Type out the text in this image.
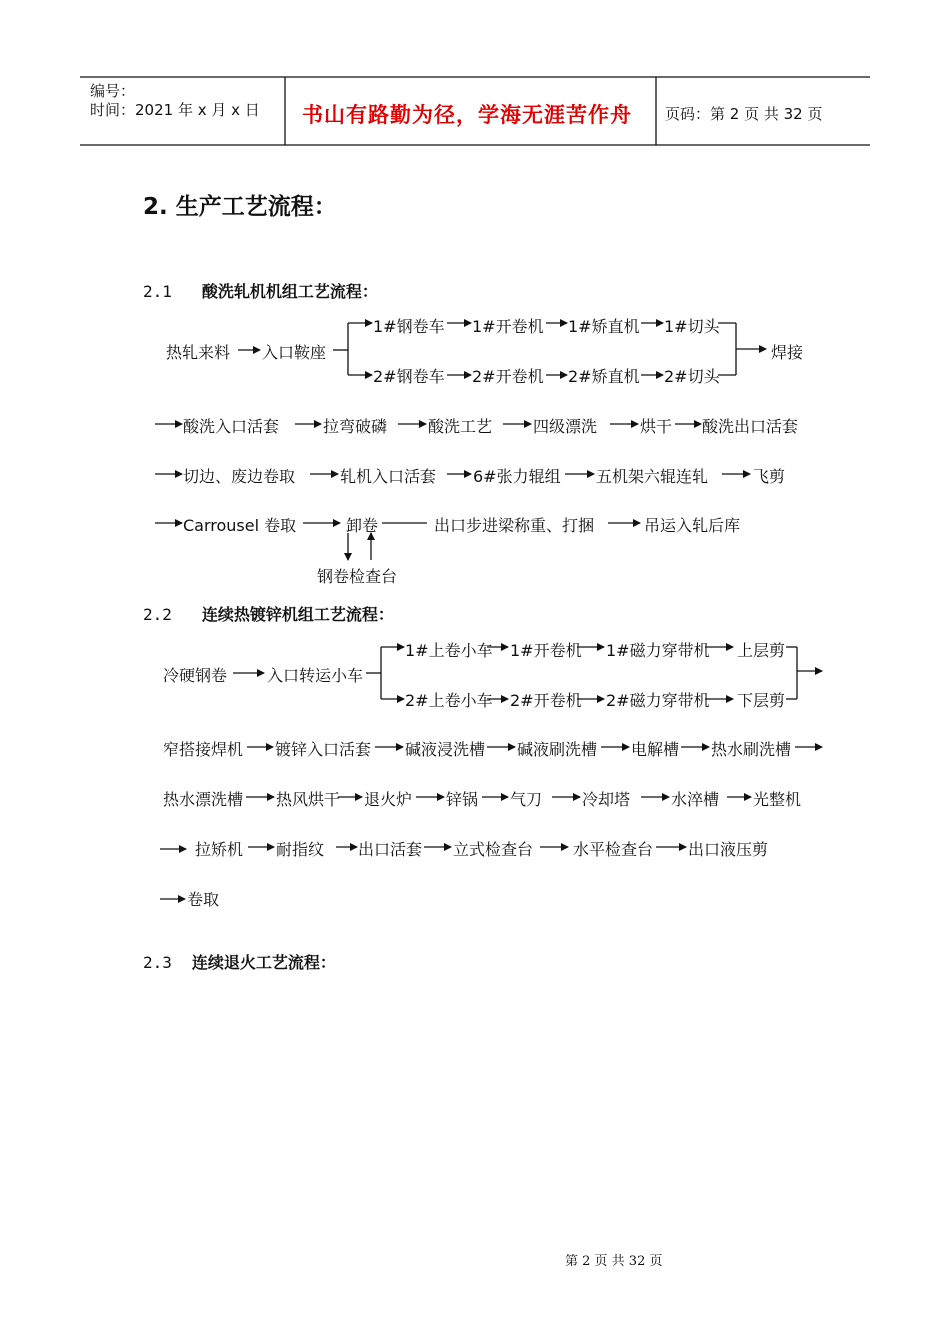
编号：
时间：2021 年 x 月 x 日 书山有路勤为径，学海无涯苦作舟 页码：第 2 页 共 32 页
2. 生产工艺流程：
2.1 酸洗轧机机组工艺流程：
热轧来料 入口鞍座
1#钢卷车 1#开卷机 1#矫直机 1#切头
2#钢卷车 2#开卷机 2#矫直机 2#切头
焊接
酸洗入口活套	拉弯破磷	酸洗工艺	四级漂洗	烘干 酸洗出口活套
切边、废边卷取	轧机入口活套 6#张力辊组 五机架六辊连轧	飞剪
Carrousel 卷取	卸卷	出口步进梁称重、打捆	吊运入轧后库
钢卷检查台
2.2 连续热镀锌机组工艺流程：
冷硬钢卷 入口转运小车
1#上卷小车 1#开卷机 1#磁力穿带机 上层剪
2#上卷小车 2#开卷机 2#磁力穿带机 下层剪
窄搭接焊机 镀锌入口活套 碱液浸洗槽 碱液刷洗槽 电解槽 热水刷洗槽
热水漂洗槽 热风烘干 退火炉 锌锅 气刀 冷却塔	水淬槽 光整机
拉矫机 耐指纹 出口活套 立式检查台 水平检查台 出口液压剪
卷取
2.3 连续退火工艺流程：
第 2 页 共 32 页
